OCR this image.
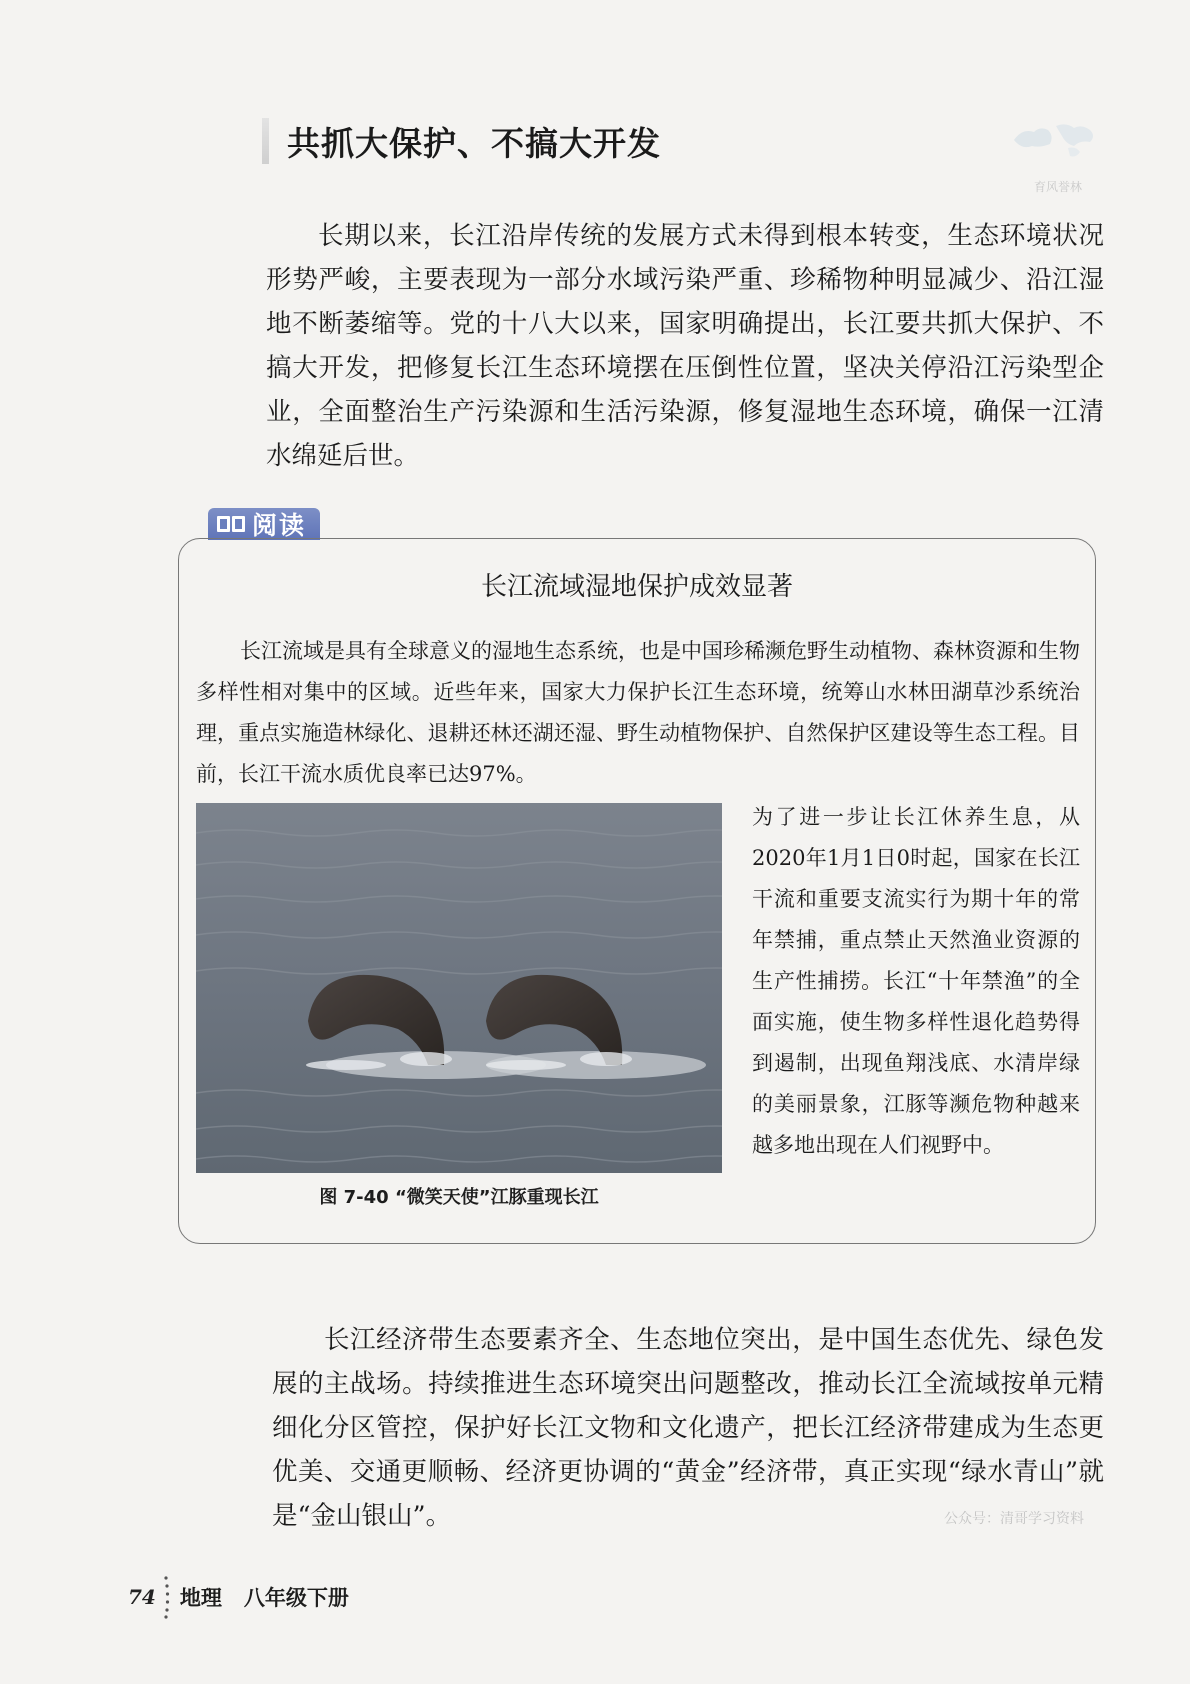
共抓大保护、不搞大开发
育风誉林

长期以来，长江沿岸传统的发展方式未得到根本转变，生态环境状况形势严峻，主要表现为一部分水域污染严重、珍稀物种明显减少、沿江湿地不断萎缩等。党的十八大以来，国家明确提出，长江要共抓大保护、不搞大开发，把修复长江生态环境摆在压倒性位置，坚决关停沿江污染型企业，全面整治生产污染源和生活污染源，修复湿地生态环境，确保一江清水绵延后世。

阅读
长江流域湿地保护成效显著

长江流域是具有全球意义的湿地生态系统，也是中国珍稀濒危野生动植物、森林资源和生物多样性相对集中的区域。近些年来，国家大力保护长江生态环境，统筹山水林田湖草沙系统治理，重点实施造林绿化、退耕还林还湖还湿、野生动植物保护、自然保护区建设等生态工程。目前，长江干流水质优良率已达97%。

为了进一步让长江休养生息，从2020年1月1日0时起，国家在长江干流和重要支流实行为期十年的常年禁捕，重点禁止天然渔业资源的生产性捕捞。长江“十年禁渔”的全面实施，使生物多样性退化趋势得到遏制，出现鱼翔浅底、水清岸绿的美丽景象，江豚等濒危物种越来越多地出现在人们视野中。

图 7-40 “微笑天使”江豚重现长江

长江经济带生态要素齐全、生态地位突出，是中国生态优先、绿色发展的主战场。持续推进生态环境突出问题整改，推动长江全流域按单元精细化分区管控，保护好长江文物和文化遗产，把长江经济带建成为生态更优美、交通更顺畅、经济更协调的“黄金”经济带，真正实现“绿水青山”就是“金山银山”。	公众号：清哥学习资料
74 地理 八年级下册
